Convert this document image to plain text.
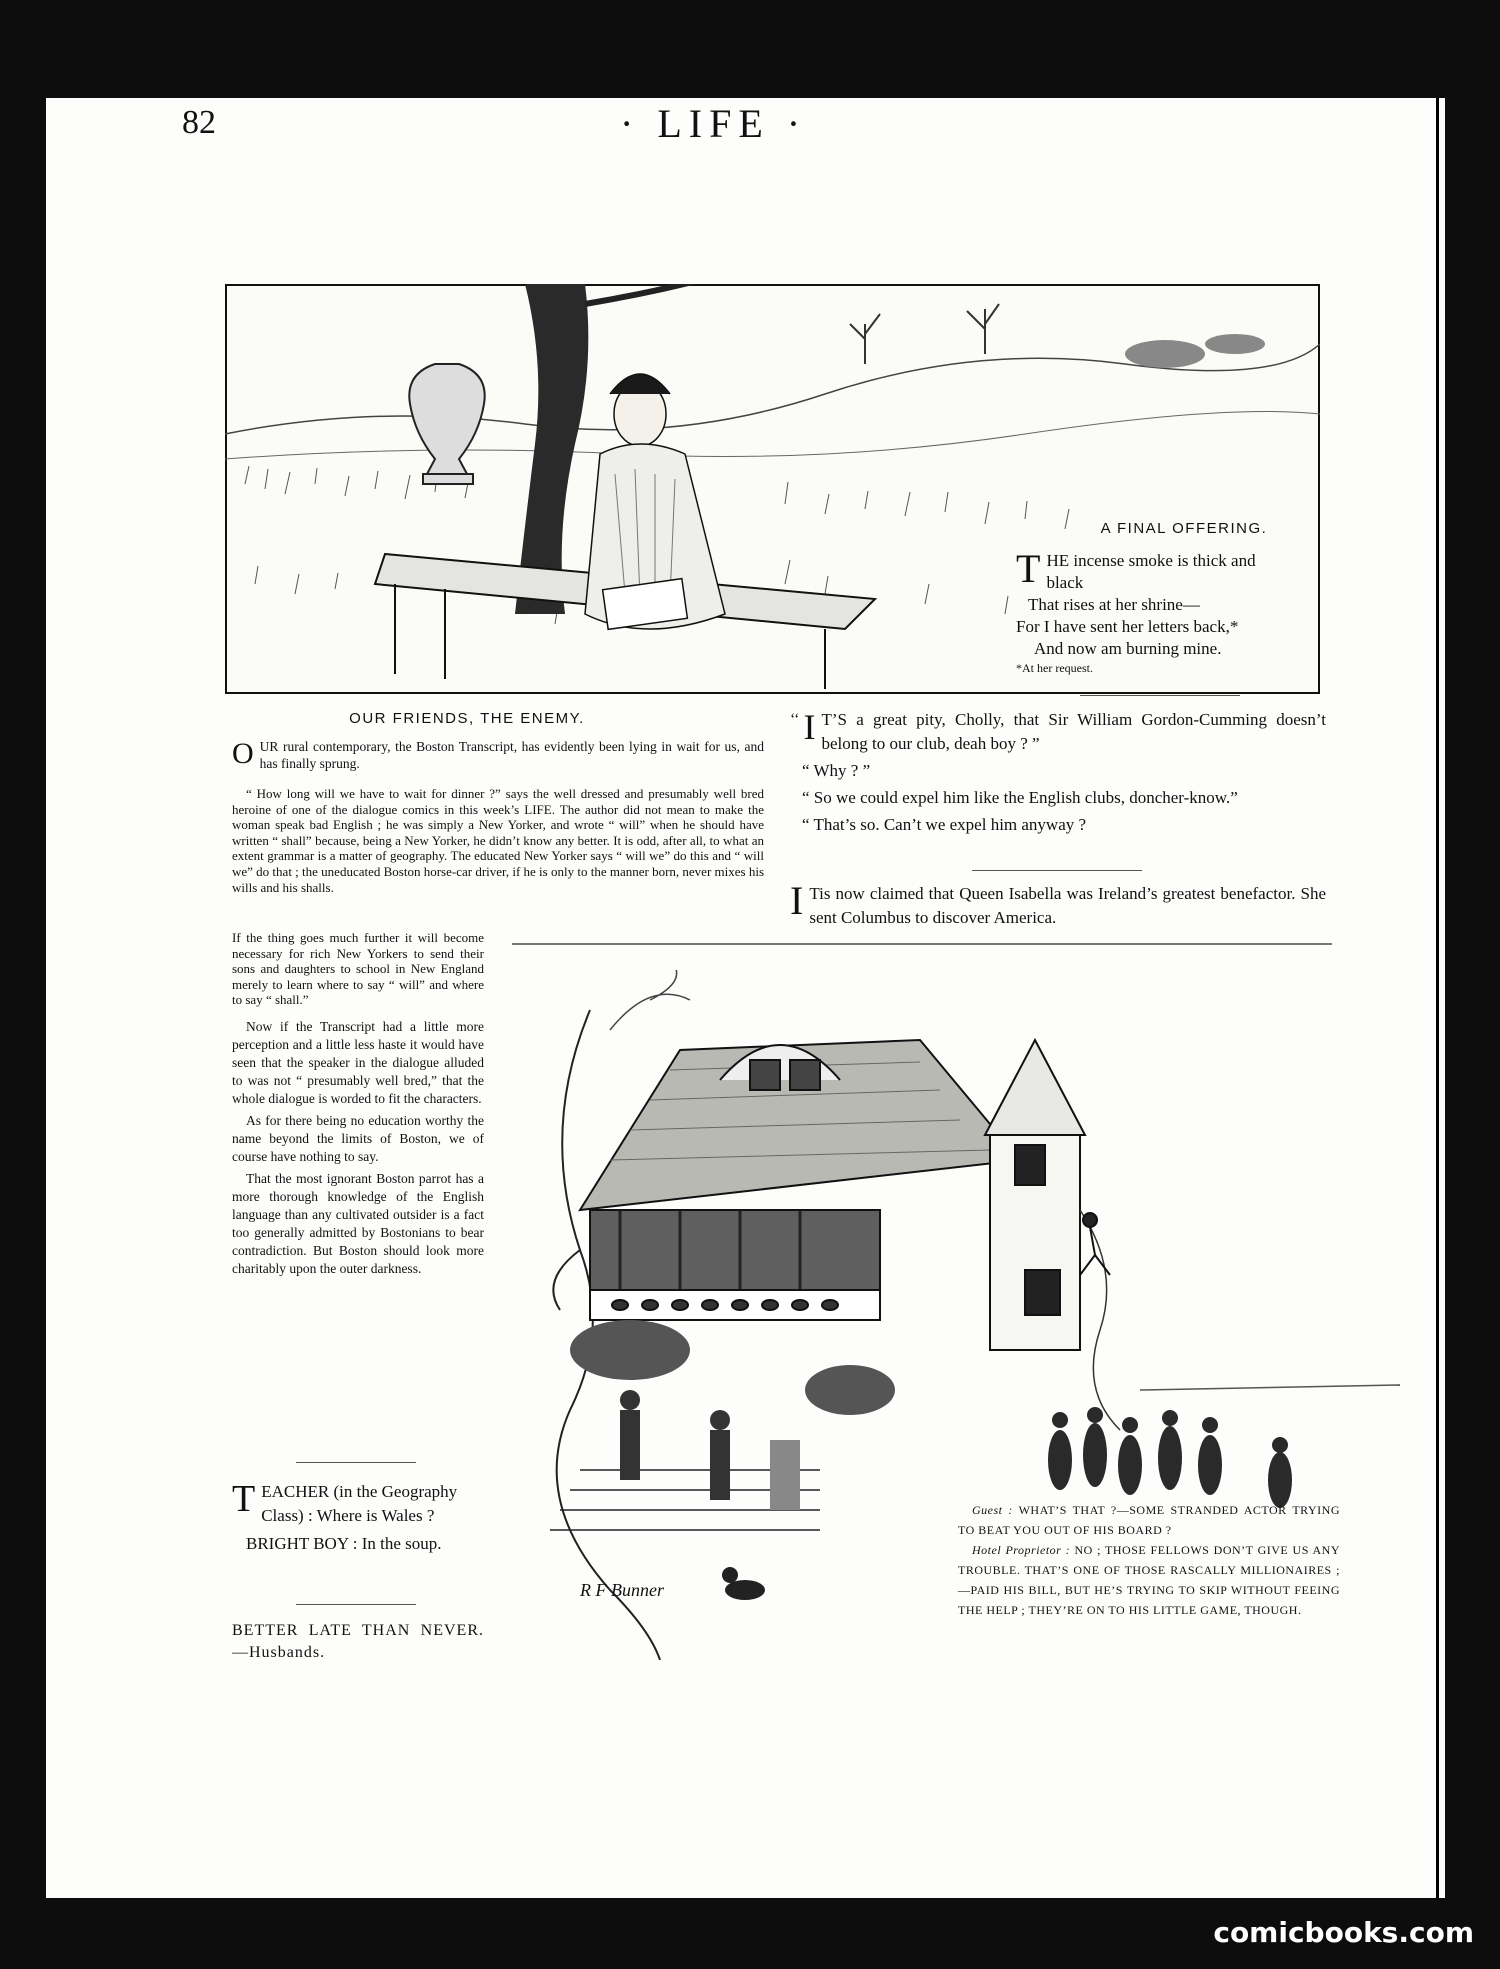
82	· LIFE ·
A FINAL OFFERING.
T HE incense smoke is thick and
black
That rises at her shrine—
For I have sent her letters back,*
And now am burning mine.
*At her request.
OUR FRIENDS, THE ENEMY.

O UR rural contemporary, the Boston Transcript, has evidently been lying in wait for us, and has finally sprung.

“ How long will we have to wait for dinner ?” says the well dressed and presumably well bred heroine of one of the dialogue comics in this week’s LIFE. The author did not mean to make the woman speak bad English ; he was simply a New Yorker, and wrote “ will” when he should have written “ shall” because, being a New Yorker, he didn’t know any better. It is odd, after all, to what an extent grammar is a matter of geography. The educated New Yorker says “ will we” do this and “ will we” do that ; the uneducated Boston horse-car driver, if he is only to the manner born, never mixes his wills and his shalls.

If the thing goes much further it will become necessary for rich New Yorkers to send their sons and daughters to school in New England merely to learn where to say “ will” and where to say “ shall.”

Now if the Transcript had a little more perception and a little less haste it would have seen that the speaker in the dialogue alluded to was not “ presumably well bred,” that the whole dialogue is worded to fit the characters.

As for there being no education worthy the name beyond the limits of Boston, we of course have nothing to say.

That the most ignorant Boston parrot has a more thorough knowledge of the English language than any cultivated outsider is a fact too generally admitted by Bostonians to bear contradiction. But Boston should look more charitably upon the outer darkness.

T EACHER (in the Geography Class) : Where is Wales ?

BRIGHT BOY : In the soup.

BETTER LATE THAN NEVER.—Husbands.

‘‘ I T’S a great pity, Cholly, that Sir William Gordon-Cumming doesn’t belong to our club, deah boy ? ”

“ Why ? ”

“ So we could expel him like the English clubs, doncher-know.”

“ That’s so. Can’t we expel him anyway ?

I Tis now claimed that Queen Isabella was Ireland’s greatest benefactor. She sent Columbus to discover America.

R F Bunner
Guest : WHAT’S THAT ?—SOME STRANDED ACTOR TRYING TO BEAT YOU OUT OF HIS BOARD ?
Hotel Proprietor : NO ; THOSE FELLOWS DON’T GIVE US ANY TROUBLE. THAT’S ONE OF THOSE RASCALLY MILLIONAIRES ;—PAID HIS BILL, BUT HE’S TRYING TO SKIP WITHOUT FEEING THE HELP ; THEY’RE ON TO HIS LITTLE GAME, THOUGH.
comicbooks.com
